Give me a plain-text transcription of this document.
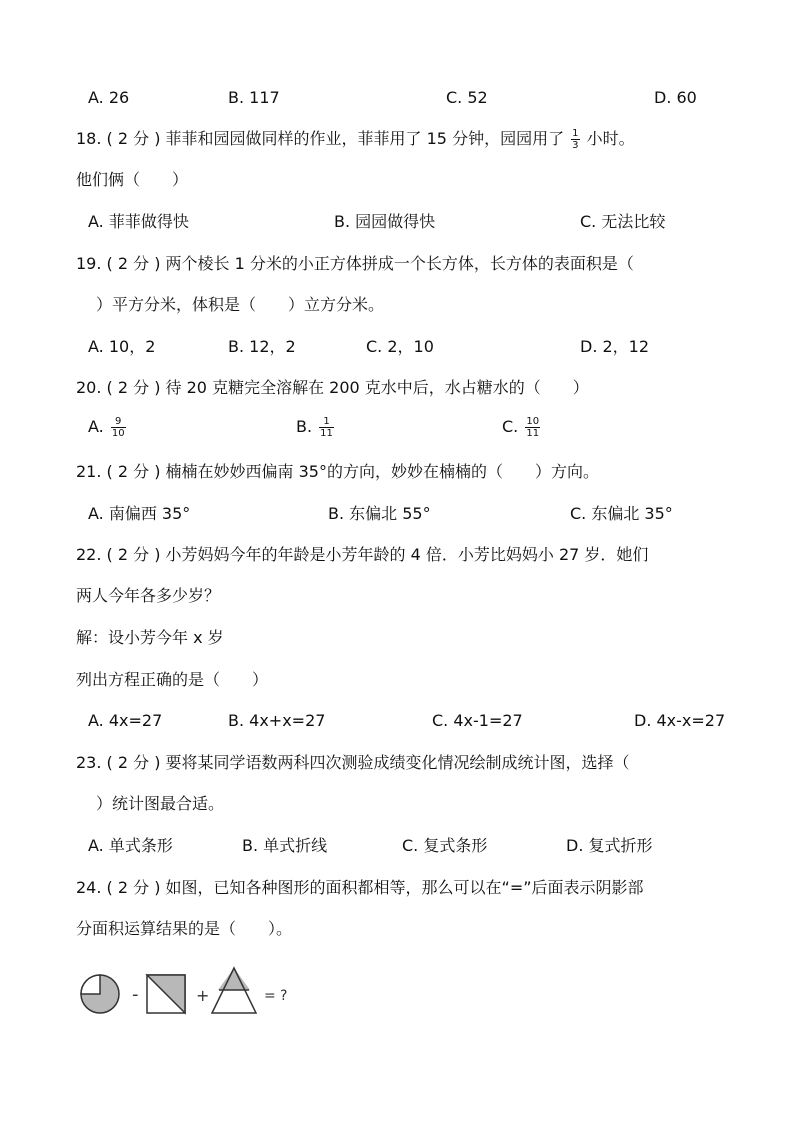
A. 26	B. 117	C. 52	D. 60
18. ( 2 分 ) 菲菲和园园做同样的作业，菲菲用了 15 分钟，园园用了 $\frac{1}{3}$ 小时。
他们俩（　　）
A. 菲菲做得快	B. 园园做得快	C. 无法比较
19. ( 2 分 ) 两个棱长 1 分米的小正方体拼成一个长方体，长方体的表面积是（
）平方分米，体积是（　　）立方分米。
A. 10，2	B. 12，2	C. 2，10	D. 2，12
20. ( 2 分 ) 待 20 克糖完全溶解在 200 克水中后，水占糖水的（　　）
A. $\frac{9}{10}$	B. $\frac{1}{11}$	C. $\frac{10}{11}$
21. ( 2 分 ) 楠楠在妙妙西偏南 35°的方向，妙妙在楠楠的（　　）方向。
A. 南偏西 35°	B. 东偏北 55°	C. 东偏北 35°
22. ( 2 分 ) 小芳妈妈今年的年龄是小芳年龄的 4 倍．小芳比妈妈小 27 岁．她们
两人今年各多少岁？
解：设小芳今年 x 岁
列出方程正确的是（　　）
A. 4x=27	B. 4x+x=27	C. 4x-1=27	D. 4x-x=27
23. ( 2 分 ) 要将某同学语数两科四次测验成绩变化情况绘制成统计图，选择（
）统计图最合适。
A. 单式条形	B. 单式折线	C. 复式条形	D. 复式折形
24. ( 2 分 ) 如图，已知各种图形的面积都相等，那么可以在“=”后面表示阴影部
分面积运算结果的是（　　）。
-	+	= ?
